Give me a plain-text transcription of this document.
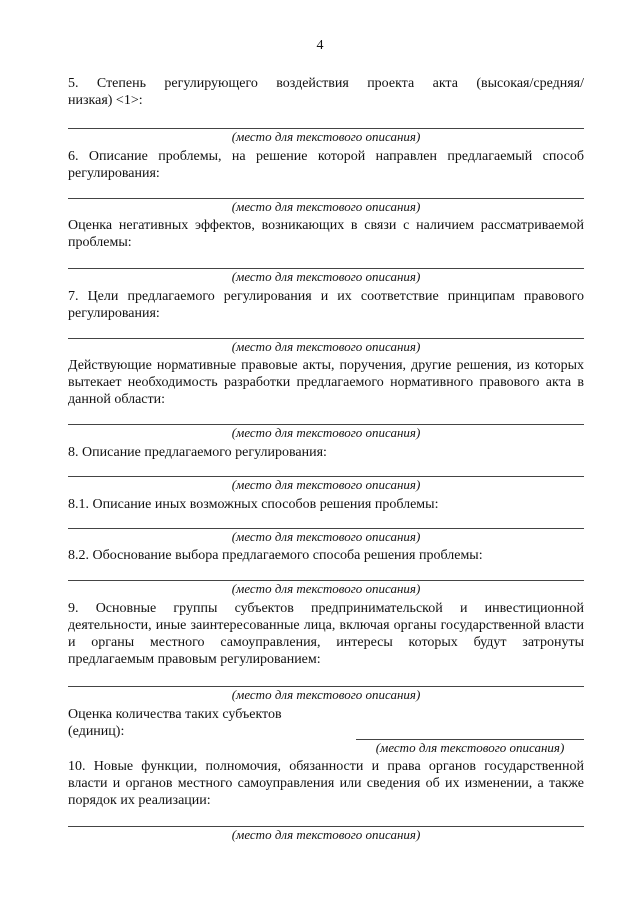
4
5. Степень регулирующего воздействия проекта акта (высокая/средняя/
низкая) <1>:
(место для текстового описания)
6. Описание проблемы, на решение которой направлен предлагаемый способ регулирования:
(место для текстового описания)
Оценка негативных эффектов, возникающих в связи с наличием рассматриваемой проблемы:
(место для текстового описания)
7. Цели предлагаемого регулирования и их соответствие принципам правового регулирования:
(место для текстового описания)
Действующие нормативные правовые акты, поручения, другие решения, из которых вытекает необходимость разработки предлагаемого нормативного правового акта в данной области:
(место для текстового описания)
8. Описание предлагаемого регулирования:
(место для текстового описания)
8.1. Описание иных возможных способов решения проблемы:
(место для текстового описания)
8.2. Обоснование выбора предлагаемого способа решения проблемы:
(место для текстового описания)
9. Основные группы субъектов предпринимательской и инвестиционной деятельности, иные заинтересованные лица, включая органы государственной власти и органы местного самоуправления, интересы которых будут затронуты предлагаемым правовым регулированием:
(место для текстового описания)
Оценка количества таких субъектов
(единиц):
(место для текстового описания)
10. Новые функции, полномочия, обязанности и права органов государственной власти и органов местного самоуправления или сведения об их изменении, а также порядок их реализации:
(место для текстового описания)
